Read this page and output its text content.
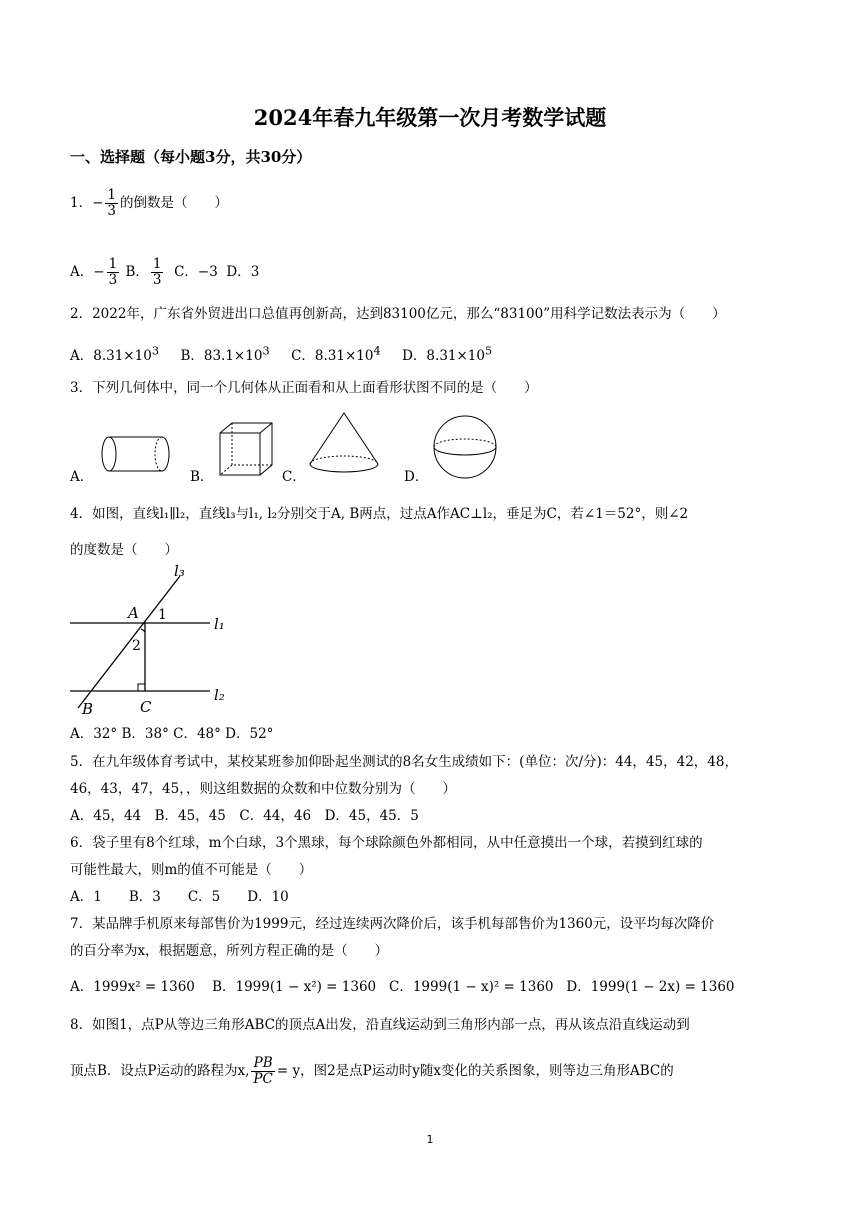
2024年春九年级第一次月考数学试题
一、选择题（每小题3分，共30分）
1．− $\frac{1}{3}$ 的倒数是（　　）
A．− $\frac{1}{3}$ B． $\frac{1}{3}$ C．−3 D．3
2．2022年，广东省外贸进出口总值再创新高，达到83100亿元，那么“83100”用科学记数法表示为（　　）
A．$8.31\times 10^3$ B．$83.1\times 10^3$ C．$8.31\times 10^4$ D．$8.31\times 10^5$
3．下列几何体中，同一个几何体从正面看和从上面看形状图不同的是（　　）
A．	B．	C．	D．
4．如图，直线l₁∥l₂，直线l₃与l₁, l₂分别交于A, B两点，过点A作AC⊥l₂，垂足为C，若∠1＝52°，则∠2
的度数是（　　）
l₃
l₁
l₂
A 1
2
B	C
A．32° B．38° C．48° D．52°
5．在九年级体育考试中，某校某班参加仰卧起坐测试的8名女生成绩如下：(单位：次/分)：44，45，42，48，
46，43，47，45，，则这组数据的众数和中位数分别为（　　）
A．45，44　B．45，45　C．44，46　D．45，45．5
6．袋子里有8个红球，m个白球，3个黑球，每个球除颜色外都相同，从中任意摸出一个球，若摸到红球的
可能性最大，则m的值不可能是（　　）
A．1　　B．3　　C．5　　D．10
7．某品牌手机原来每部售价为1999元，经过连续两次降价后，该手机每部售价为1360元，设平均每次降价
的百分率为x，根据题意，所列方程正确的是（　　）
A．1999x² = 1360 B．1999(1 − x²) = 1360 C．1999(1 − x)² = 1360 D．1999(1 − 2x) = 1360
8．如图1，点P从等边三角形ABC的顶点A出发，沿直线运动到三角形内部一点，再从该点沿直线运动到
顶点B．设点P运动的路程为x, $\frac{PB}{PC} = y$，图2是点P运动时y随x变化的关系图象，则等边三角形ABC的
1
